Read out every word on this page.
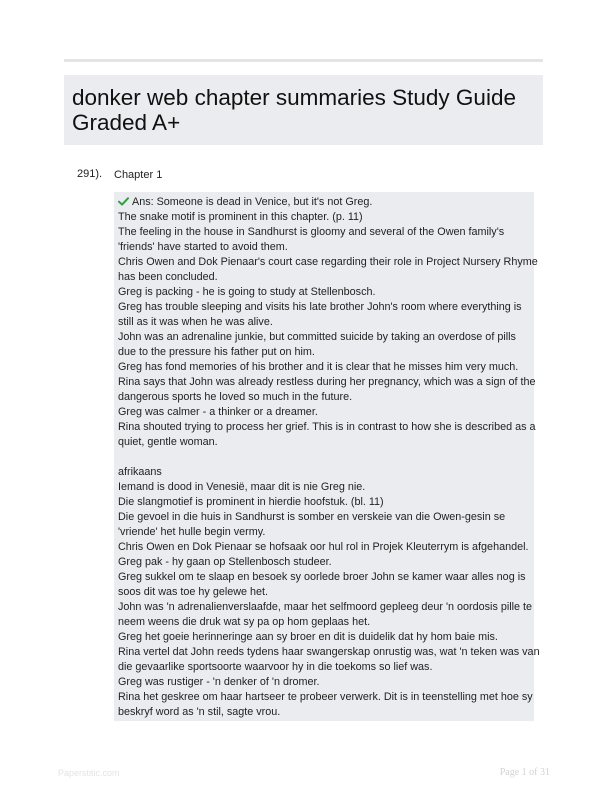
donker web chapter summaries Study Guide
Graded A+
291). Chapter 1
Ans: Someone is dead in Venice, but it's not Greg.
The snake motif is prominent in this chapter. (p. 11)
The feeling in the house in Sandhurst is gloomy and several of the Owen family's
'friends' have started to avoid them.
Chris Owen and Dok Pienaar's court case regarding their role in Project Nursery Rhyme
has been concluded.
Greg is packing - he is going to study at Stellenbosch.
Greg has trouble sleeping and visits his late brother John's room where everything is
still as it was when he was alive.
John was an adrenaline junkie, but committed suicide by taking an overdose of pills
due to the pressure his father put on him.
Greg has fond memories of his brother and it is clear that he misses him very much.
Rina says that John was already restless during her pregnancy, which was a sign of the
dangerous sports he loved so much in the future.
Greg was calmer - a thinker or a dreamer.
Rina shouted trying to process her grief. This is in contrast to how she is described as a
quiet, gentle woman.
afrikaans
Iemand is dood in Venesië, maar dit is nie Greg nie.
Die slangmotief is prominent in hierdie hoofstuk. (bl. 11)
Die gevoel in die huis in Sandhurst is somber en verskeie van die Owen-gesin se
'vriende' het hulle begin vermy.
Chris Owen en Dok Pienaar se hofsaak oor hul rol in Projek Kleuterrym is afgehandel.
Greg pak - hy gaan op Stellenbosch studeer.
Greg sukkel om te slaap en besoek sy oorlede broer John se kamer waar alles nog is
soos dit was toe hy gelewe het.
John was 'n adrenalienverslaafde, maar het selfmoord gepleeg deur 'n oordosis pille te
neem weens die druk wat sy pa op hom geplaas het.
Greg het goeie herinneringe aan sy broer en dit is duidelik dat hy hom baie mis.
Rina vertel dat John reeds tydens haar swangerskap onrustig was, wat 'n teken was van
die gevaarlike sportsoorte waarvoor hy in die toekoms so lief was.
Greg was rustiger - 'n denker of 'n dromer.
Rina het geskree om haar hartseer te probeer verwerk. Dit is in teenstelling met hoe sy
beskryf word as 'n stil, sagte vrou.
Paperstitic.com	Page 1 of 31
